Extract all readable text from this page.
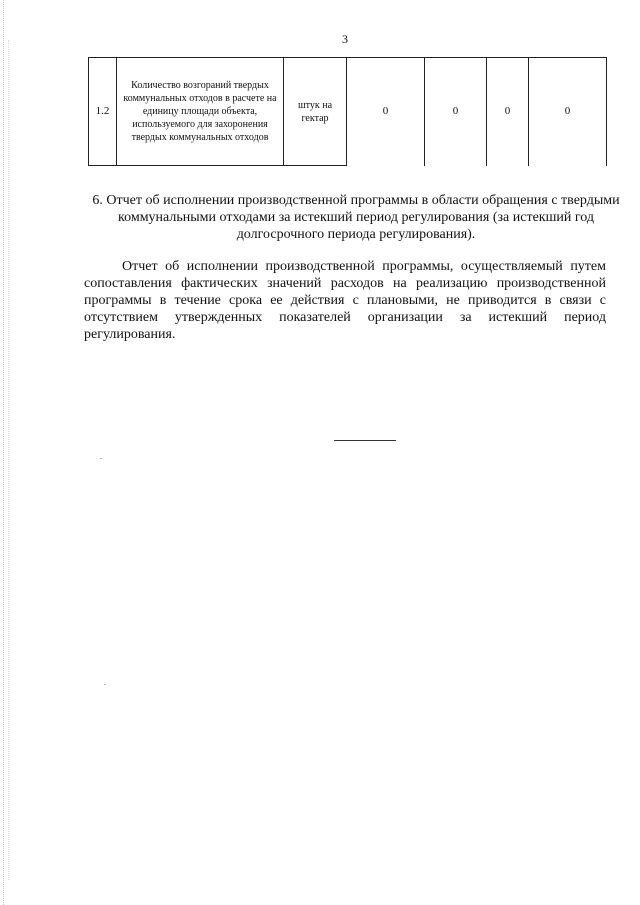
3
1.2	Количество возгораний твердых коммунальных отходов в расчете на единицу площади объекта, используемого для захоронения твердых коммунальных отходов	штук на гектар	0	0	0	0
6. Отчет об исполнении производственной программы в области обращения с твердыми коммунальными отходами за истекший период регулирования (за истекший год долгосрочного периода регулирования).
Отчет об исполнении производственной программы, осуществляемый путем сопоставления фактических значений расходов на реализацию производственной программы в течение срока ее действия с плановыми, не приводится в связи с отсутствием утвержденных показателей организации за истекший период регулирования.
